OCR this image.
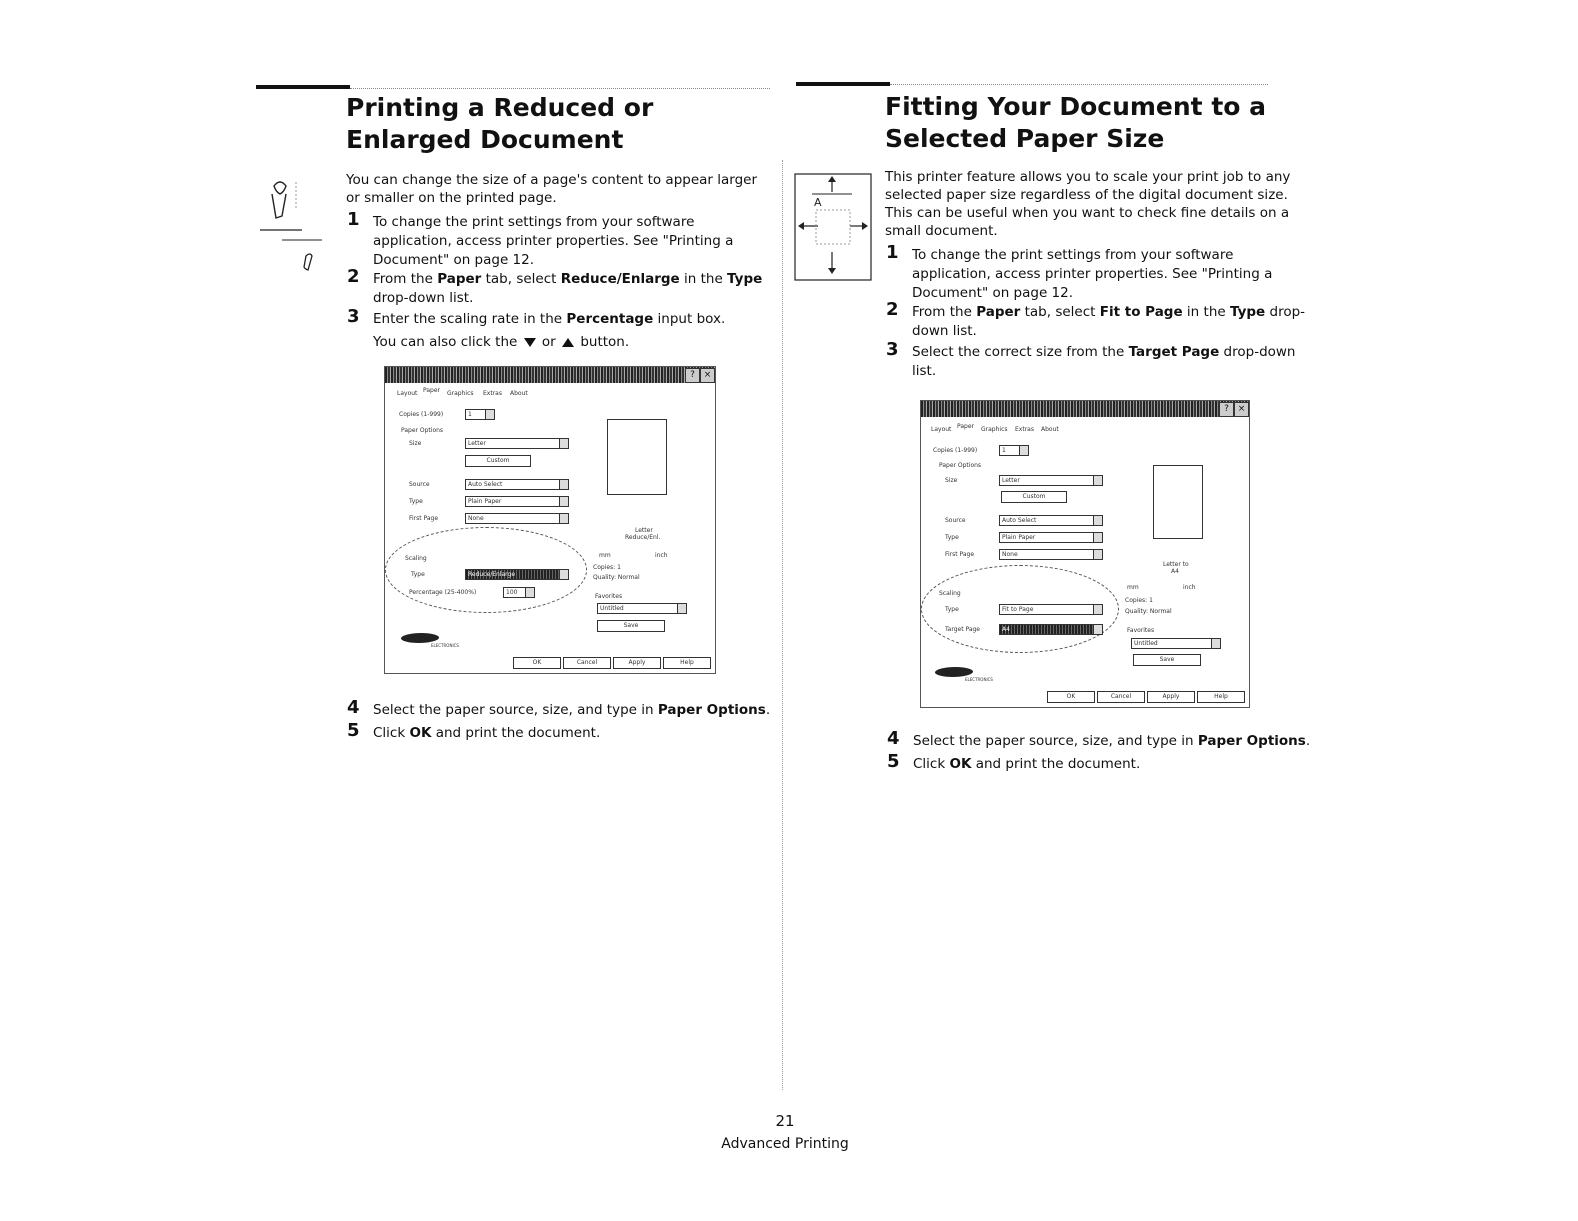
Printing a Reduced or Enlarged Document
You can change the size of a page's content to appear larger or smaller on the printed page.
1 To change the print settings from your software application, access printer properties. See "Printing a Document" on page 12.
2 From the Paper tab, select Reduce/Enlarge in the Type drop-down list.
3 Enter the scaling rate in the Percentage input box.
You can also click the or button.
? ×
Layout Paper Graphics Extras About
Copies (1-999)	1
Paper Options
Size	Letter
Custom
Source	Auto Select
Type	Plain Paper
First Page	None
Scaling
Type	Reduce/Enlarge
Percentage (25-400%)	100
Letter
Reduce/Enl.
mm	inch
Copies: 1
Quality: Normal
Favorites
Untitled
Save
ELECTRONICS
OK	Cancel	Apply	Help
4 Select the paper source, size, and type in Paper Options.
5 Click OK and print the document.
Fitting Your Document to a Selected Paper Size
A
This printer feature allows you to scale your print job to any selected paper size regardless of the digital document size. This can be useful when you want to check fine details on a small document.
1 To change the print settings from your software application, access printer properties. See "Printing a Document" on page 12.
2 From the Paper tab, select Fit to Page in the Type drop-down list.
3 Select the correct size from the Target Page drop-down list.
? ×
Layout Paper Graphics Extras About
Copies (1-999)	1
Paper Options
Size	Letter
Custom
Source	Auto Select
Type	Plain Paper
First Page	None
Scaling
Type	Fit to Page
Target Page	A4
Letter to
A4
mm	inch
Copies: 1
Quality: Normal
Favorites
Untitled
Save
ELECTRONICS
OK	Cancel	Apply	Help
4 Select the paper source, size, and type in Paper Options.
5 Click OK and print the document.
21
Advanced Printing
